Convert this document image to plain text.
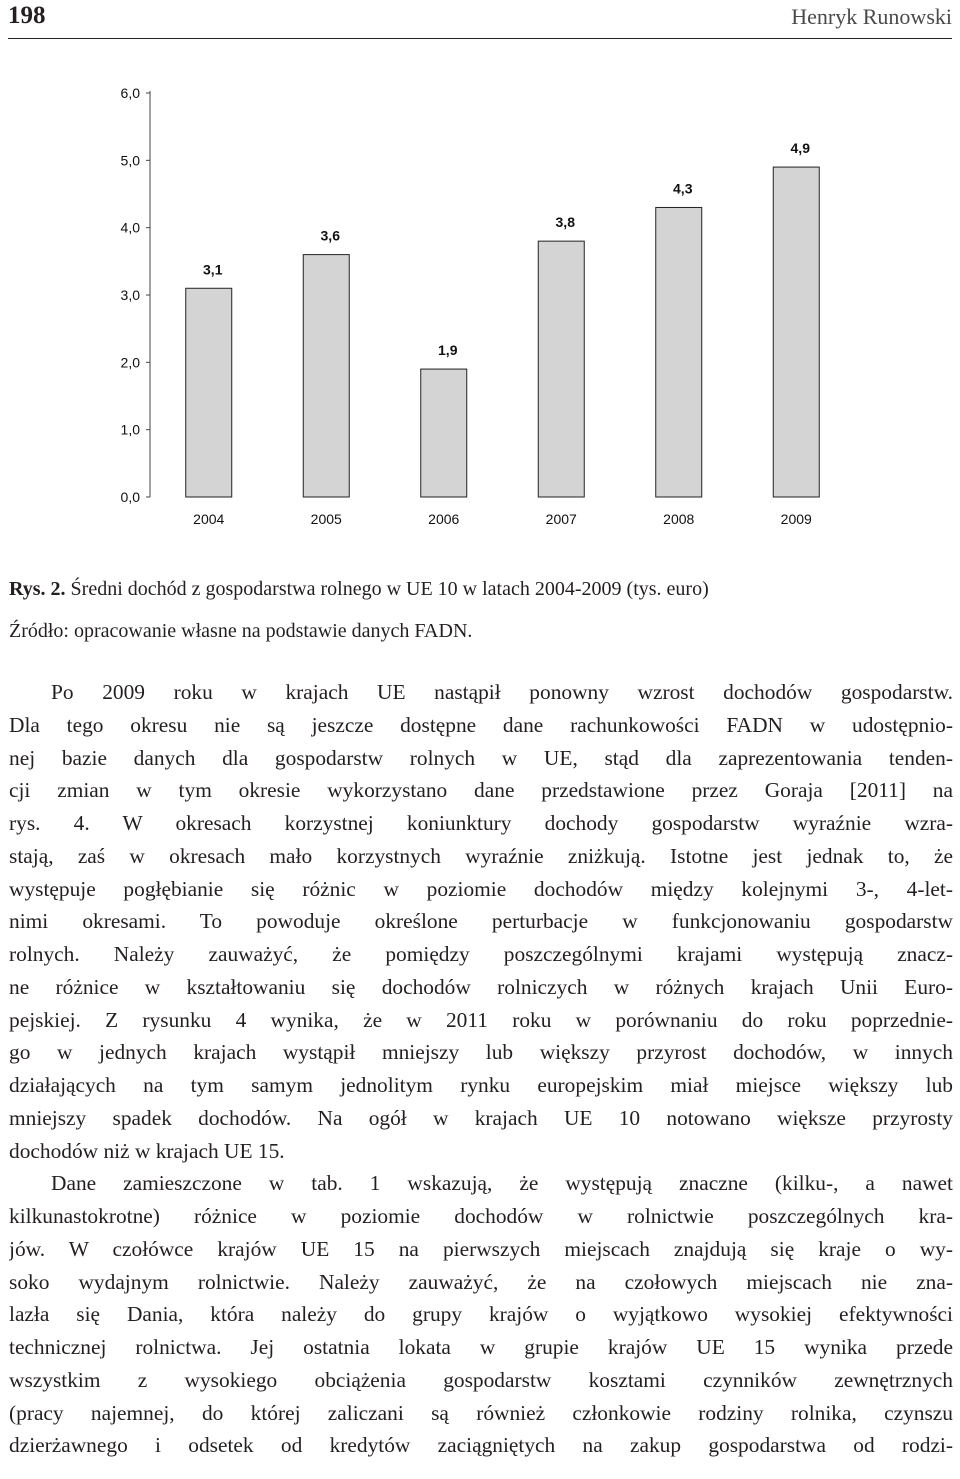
198	Henryk Runowski
0,0
1,0
2,0
3,0
4,0
5,0
6,0
3,1
2004
3,6
2005
1,9
2006
3,8
2007
4,3
2008
4,9
2009
Rys. 2. Średni dochód z gospodarstwa rolnego w UE 10 w latach 2004-2009 (tys. euro)
Źródło: opracowanie własne na podstawie danych FADN.
Po 2009 roku w krajach UE nastąpił ponowny wzrost dochodów gospodarstw.
Dla tego okresu nie są jeszcze dostępne dane rachunkowości FADN w udostępnio-
nej bazie danych dla gospodarstw rolnych w UE, stąd dla zaprezentowania tenden-
cji zmian w tym okresie wykorzystano dane przedstawione przez Goraja [2011] na
rys. 4. W okresach korzystnej koniunktury dochody gospodarstw wyraźnie wzra-
stają, zaś w okresach mało korzystnych wyraźnie zniżkują. Istotne jest jednak to, że
występuje pogłębianie się różnic w poziomie dochodów między kolejnymi 3-, 4-let-
nimi okresami. To powoduje określone perturbacje w funkcjonowaniu gospodarstw
rolnych. Należy zauważyć, że pomiędzy poszczególnymi krajami występują znacz-
ne różnice w kształtowaniu się dochodów rolniczych w różnych krajach Unii Euro-
pejskiej. Z rysunku 4 wynika, że w 2011 roku w porównaniu do roku poprzednie-
go w jednych krajach wystąpił mniejszy lub większy przyrost dochodów, w innych
działających na tym samym jednolitym rynku europejskim miał miejsce większy lub
mniejszy spadek dochodów. Na ogół w krajach UE 10 notowano większe przyrosty
dochodów niż w krajach UE 15.
Dane zamieszczone w tab. 1 wskazują, że występują znaczne (kilku-, a nawet
kilkunastokrotne) różnice w poziomie dochodów w rolnictwie poszczególnych kra-
jów. W czołówce krajów UE 15 na pierwszych miejscach znajdują się kraje o wy-
soko wydajnym rolnictwie. Należy zauważyć, że na czołowych miejscach nie zna-
lazła się Dania, która należy do grupy krajów o wyjątkowo wysokiej efektywności
technicznej rolnictwa. Jej ostatnia lokata w grupie krajów UE 15 wynika przede
wszystkim z wysokiego obciążenia gospodarstw kosztami czynników zewnętrznych
(pracy najemnej, do której zaliczani są również członkowie rodziny rolnika, czynszu
dzierżawnego i odsetek od kredytów zaciągniętych na zakup gospodarstwa od rodzi-
